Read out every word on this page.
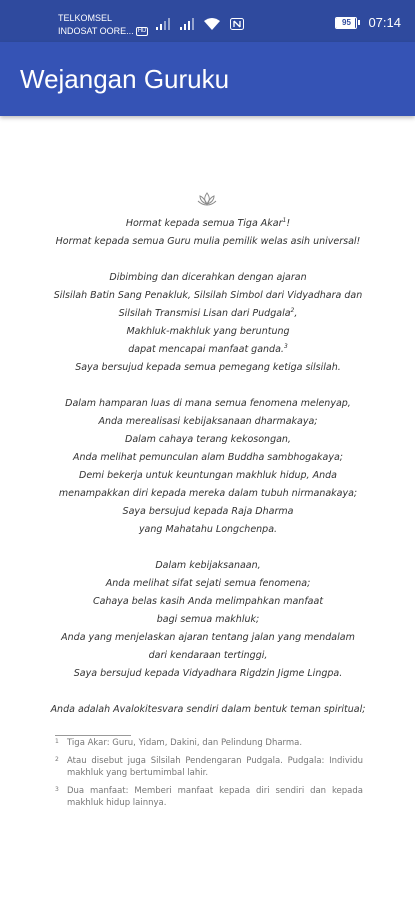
TELKOMSEL
INDOSAT OORE... HD
95 07:14
Wejangan Guruku
Hormat kepada semua Tiga Akar$^1$!
Hormat kepada semua Guru mulia pemilik welas asih universal!
Dibimbing dan dicerahkan dengan ajaran
Silsilah Batin Sang Penakluk, Silsilah Simbol dari Vidyadhara dan
Silsilah Transmisi Lisan dari Pudgala$^2$,
Makhluk-makhluk yang beruntung
dapat mencapai manfaat ganda.$^3$
Saya bersujud kepada semua pemegang ketiga silsilah.
Dalam hamparan luas di mana semua fenomena melenyap,
Anda merealisasi kebijaksanaan dharmakaya;
Dalam cahaya terang kekosongan,
Anda melihat pemunculan alam Buddha sambhogakaya;
Demi bekerja untuk keuntungan makhluk hidup, Anda
menampakkan diri kepada mereka dalam tubuh nirmanakaya;
Saya bersujud kepada Raja Dharma
yang Mahatahu Longchenpa.
Dalam kebijaksanaan,
Anda melihat sifat sejati semua fenomena;
Cahaya belas kasih Anda melimpahkan manfaat
bagi semua makhluk;
Anda yang menjelaskan ajaran tentang jalan yang mendalam
dari kendaraan tertinggi,
Saya bersujud kepada Vidyadhara Rigdzin Jigme Lingpa.
Anda adalah Avalokitesvara sendiri dalam bentuk teman spiritual;
1 Tiga Akar: Guru, Yidam, Dakini, dan Pelindung Dharma.
2 Atau disebut juga Silsilah Pendengaran Pudgala. Pudgala: Individu makhluk yang bertumimbal lahir.
3 Dua manfaat: Memberi manfaat kepada diri sendiri dan kepada makhluk hidup lainnya.
